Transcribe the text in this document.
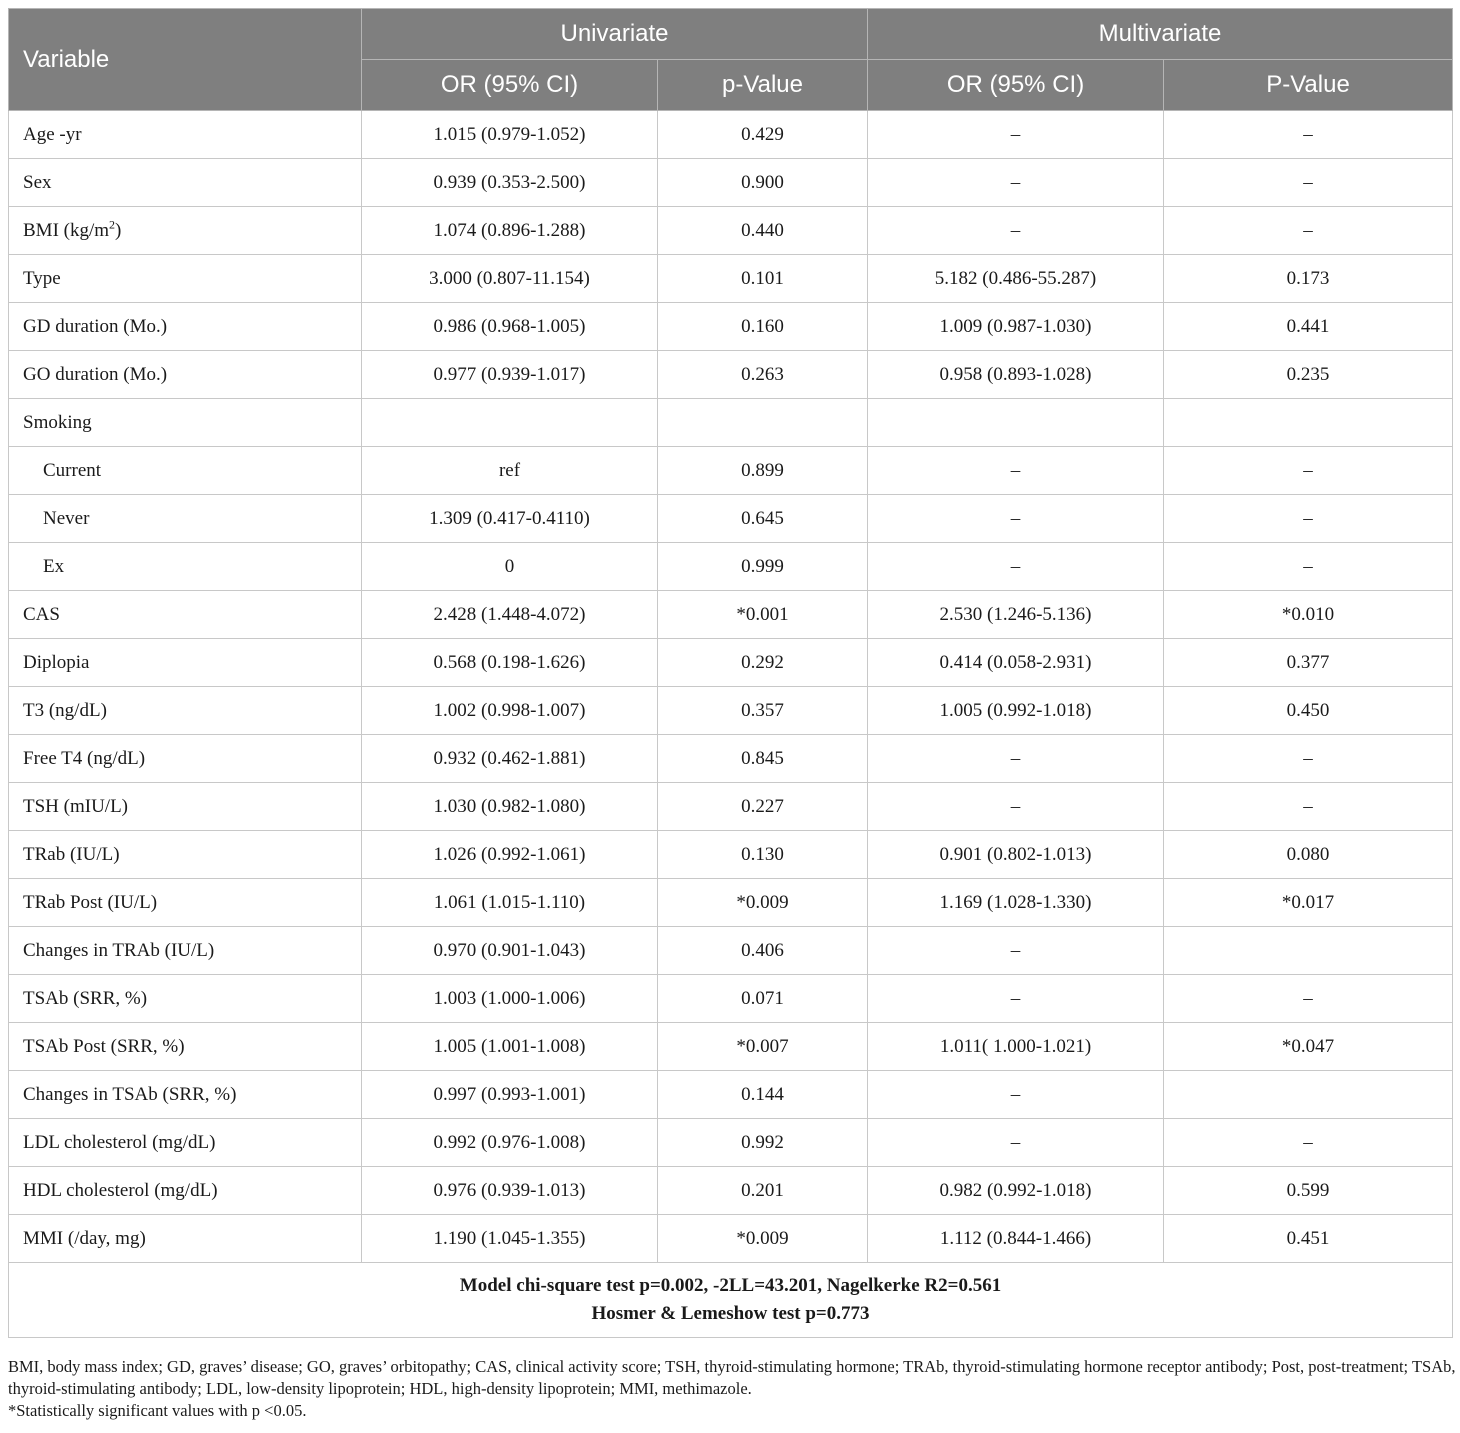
Variable	Univariate		Multivariate	
	OR (95% CI)	p-Value	OR (95% CI)	P-Value
Age -yr	1.015 (0.979-1.052)	0.429	–	–
Sex	0.939 (0.353-2.500)	0.900	–	–
BMI $(kg/m^2)$	1.074 (0.896-1.288)	0.440	–	–
Type	3.000 (0.807-11.154)	0.101	5.182 (0.486-55.287)	0.173
GD duration (Mo.)	0.986 (0.968-1.005)	0.160	1.009 (0.987-1.030)	0.441
GO duration (Mo.)	0.977 (0.939-1.017)	0.263	0.958 (0.893-1.028)	0.235
Smoking				
Current	ref	0.899	–	–
Never	1.309 (0.417-0.4110)	0.645	–	–
Ex	0	0.999	–	–
CAS	2.428 (1.448-4.072)	*0.001	2.530 (1.246-5.136)	*0.010
Diplopia	0.568 (0.198-1.626)	0.292	0.414 (0.058-2.931)	0.377
T3 (ng/dL)	1.002 (0.998-1.007)	0.357	1.005 (0.992-1.018)	0.450
Free T4 (ng/dL)	0.932 (0.462-1.881)	0.845	–	–
TSH (mIU/L)	1.030 (0.982-1.080)	0.227	–	–
TRab (IU/L)	1.026 (0.992-1.061)	0.130	0.901 (0.802-1.013)	0.080
TRab Post (IU/L)	1.061 (1.015-1.110)	*0.009	1.169 (1.028-1.330)	*0.017
Changes in TRAb (IU/L)	0.970 (0.901-1.043)	0.406	–	
TSAb (SRR, %)	1.003 (1.000-1.006)	0.071	–	–
TSAb Post (SRR, %)	1.005 (1.001-1.008)	*0.007	1.011( 1.000-1.021)	*0.047
Changes in TSAb (SRR, %)	0.997 (0.993-1.001)	0.144	–	
LDL cholesterol (mg/dL)	0.992 (0.976-1.008)	0.992	–	–
HDL cholesterol (mg/dL)	0.976 (0.939-1.013)	0.201	0.982 (0.992-1.018)	0.599
MMI (/day, mg)	1.190 (1.045-1.355)	*0.009	1.112 (0.844-1.466)	0.451

Model chi-square test p=0.002, -2LL=43.201, Nagelkerke R2=0.561
Hosmer & Lemeshow test p=0.773				

BMI, body mass index; GD, graves’ disease; GO, graves’ orbitopathy; CAS, clinical activity score; TSH, thyroid-stimulating hormone; TRAb, thyroid-stimulating hormone receptor antibody; Post, post-treatment; TSAb, thyroid-stimulating antibody; LDL, low-density lipoprotein; HDL, high-density lipoprotein; MMI, methimazole.

*Statistically significant values with p <0.05.
